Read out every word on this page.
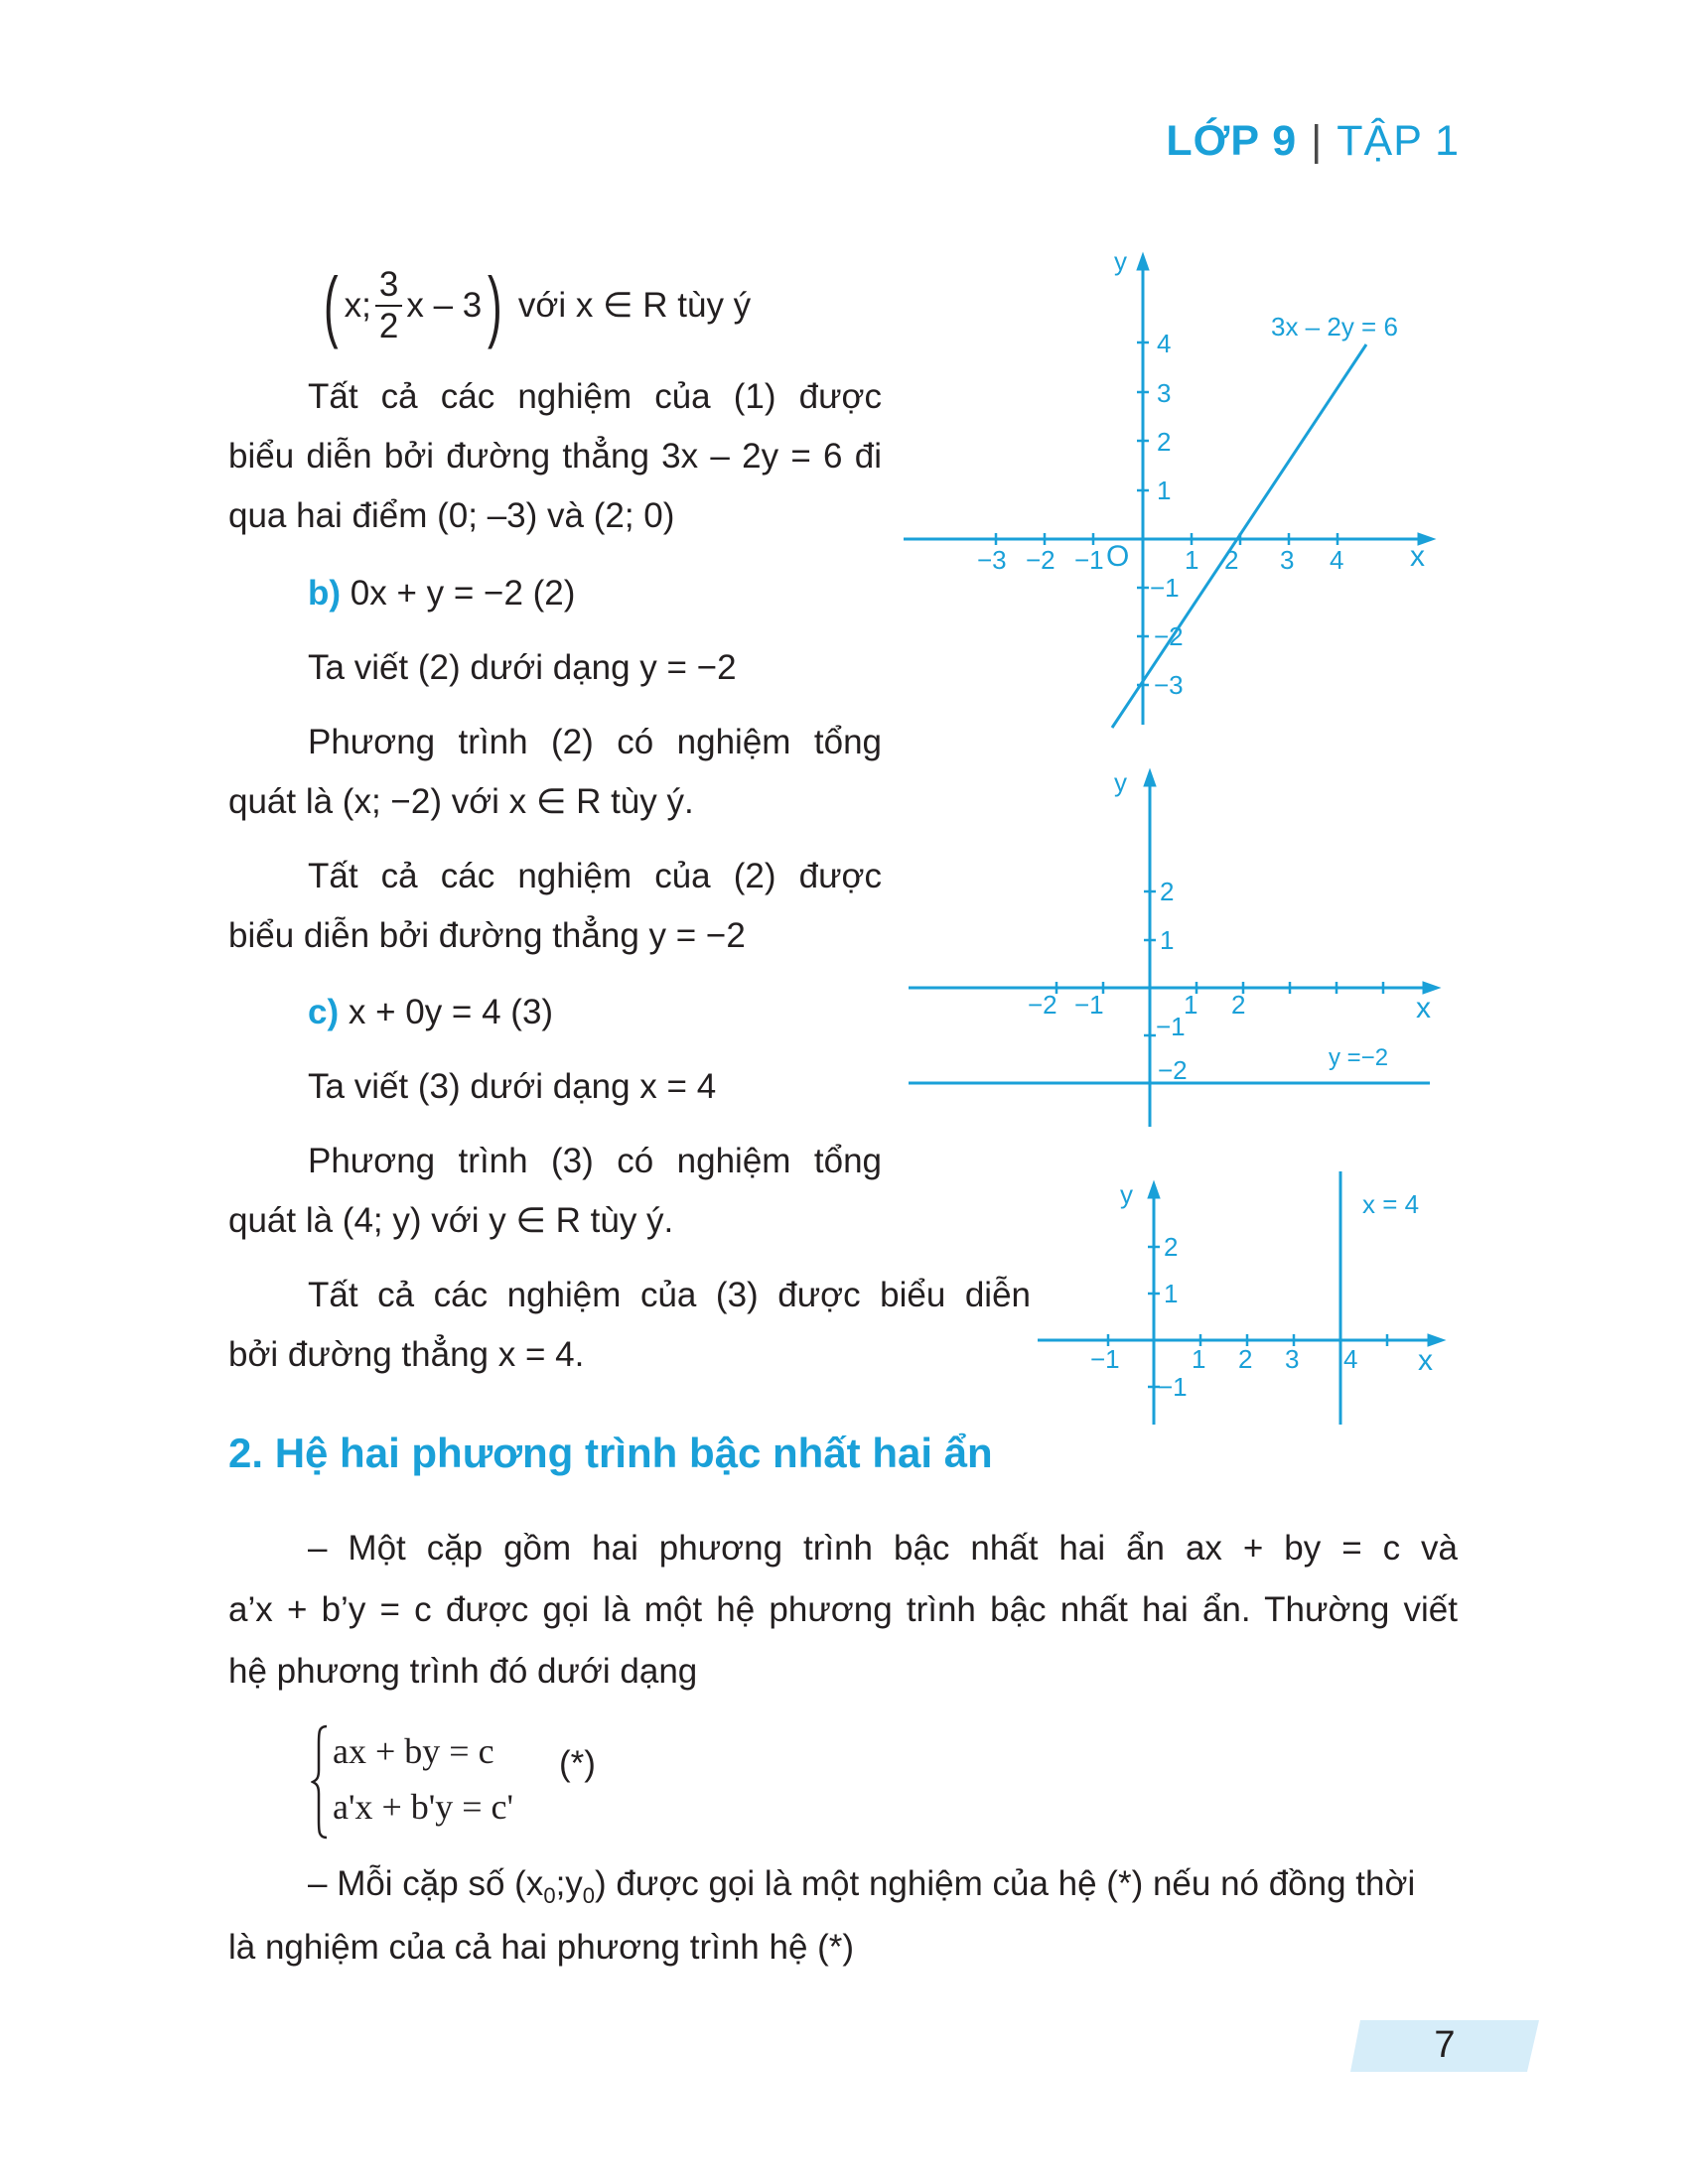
LỚP 9 | TẬP 1
( x; $\frac{3}{2}$ x – 3 ) với x ∈ R tùy ý
Tất cả các nghiệm của (1) được
biểu diễn bởi đường thẳng 3x – 2y = 6 đi
qua hai điểm (0; –3) và (2; 0)
b) 0x + y = −2 (2)
Ta viết (2) dưới dạng y = −2
Phương trình (2) có nghiệm tổng
quát là (x; −2) với x ∈ R tùy ý.
Tất cả các nghiệm của (2) được
biểu diễn bởi đường thẳng y = −2
c) x + 0y = 4 (3)
Ta viết (3) dưới dạng x = 4
Phương trình (3) có nghiệm tổng
quát là (4; y) với y ∈ R tùy ý.
Tất cả các nghiệm của (3) được biểu diễn
bởi đường thẳng x = 4.
y
x
O
3x – 2y = 6
−3 −2 −1	1 2 3 4
4
3
2
1
−1
−2
−3
y
x
−2 −1	1 2
2
1
−1
−2	y =−2
y
x
x = 4
−1	1 2 3 4
2
1
−1
2. Hệ hai phương trình bậc nhất hai ẩn
– Một cặp gồm hai phương trình bậc nhất hai ẩn ax + by = c và
a’x + b’y = c được gọi là một hệ phương trình bậc nhất hai ẩn. Thường viết
hệ phương trình đó dưới dạng
ax + by = c
a'x + b'y = c'
(*)
– Mỗi cặp số $(x_0;y_0)$ được gọi là một nghiệm của hệ (*) nếu nó đồng thời
là nghiệm của cả hai phương trình hệ (*)
7
